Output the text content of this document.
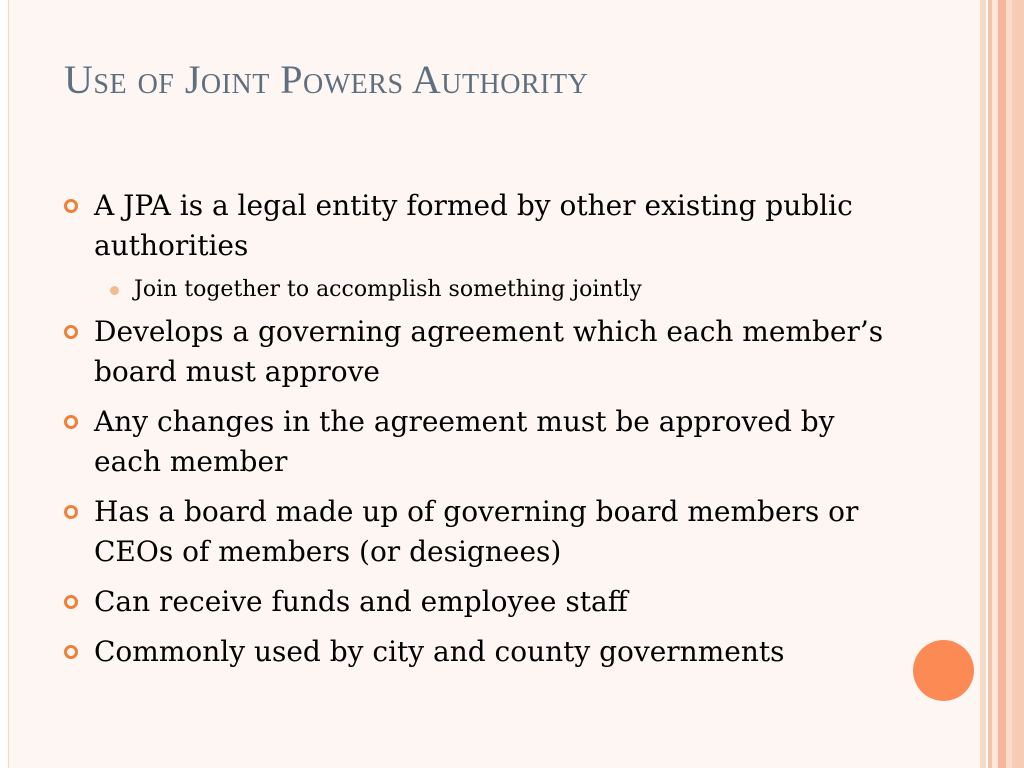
Use of Joint Powers Authority
A JPA is a legal entity formed by other existing public authorities
Join together to accomplish something jointly
Develops a governing agreement which each member’s board must approve
Any changes in the agreement must be approved by each member
Has a board made up of governing board members or CEOs of members (or designees)
Can receive funds and employee staff
Commonly used by city and county governments
